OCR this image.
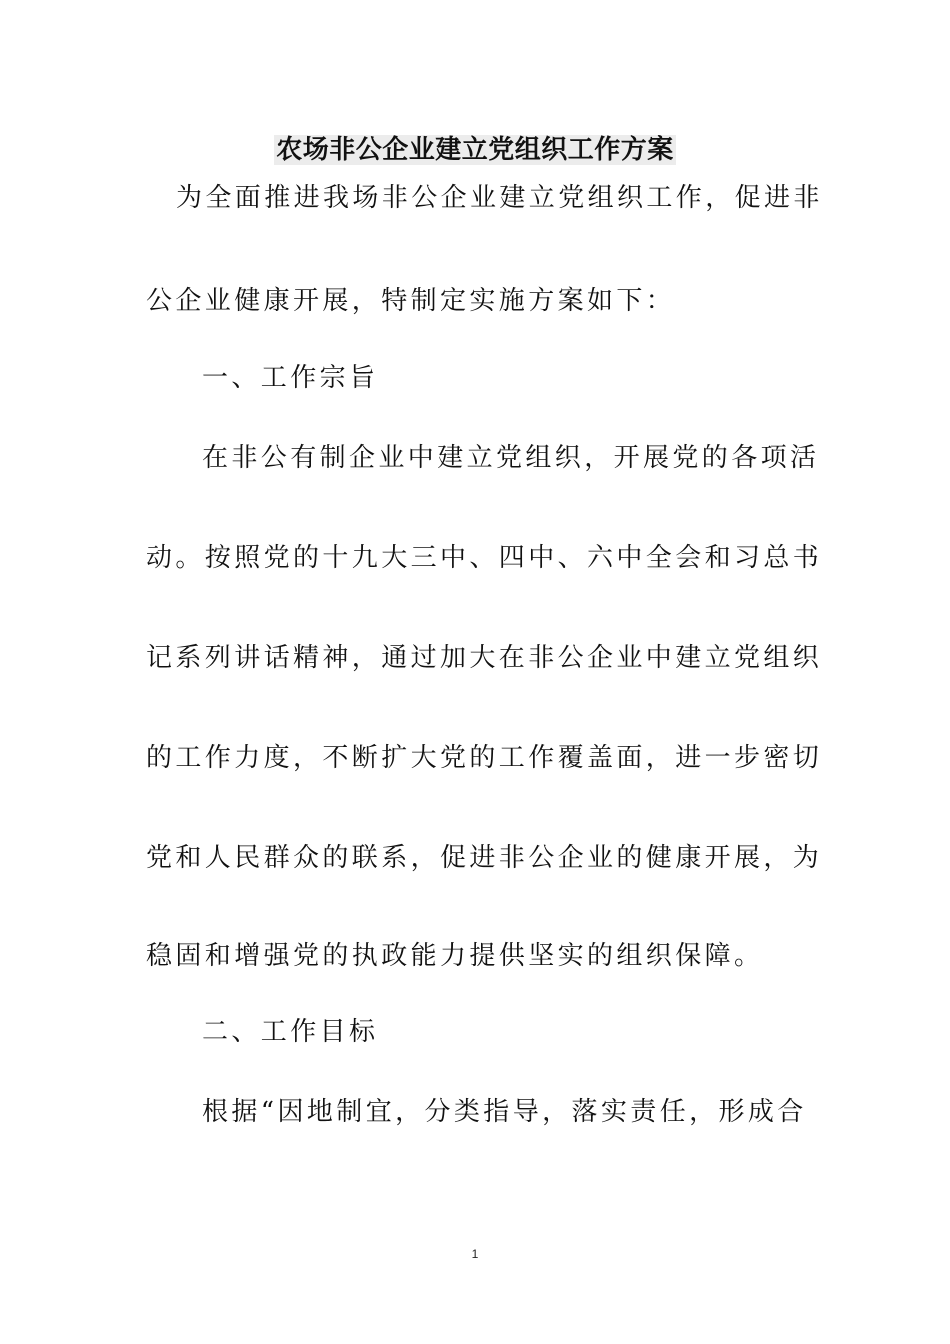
农场非公企业建立党组织工作方案
为全面推进我场非公企业建立党组织工作，促进非
公企业健康开展，特制定实施方案如下：
一、工作宗旨
在非公有制企业中建立党组织，开展党的各项活
动。按照党的十九大三中、四中、六中全会和习总书
记系列讲话精神，通过加大在非公企业中建立党组织
的工作力度，不断扩大党的工作覆盖面，进一步密切
党和人民群众的联系，促进非公企业的健康开展，为
稳固和增强党的执政能力提供坚实的组织保障。
二、工作目标
根据“因地制宜，分类指导，落实责任，形成合
1
